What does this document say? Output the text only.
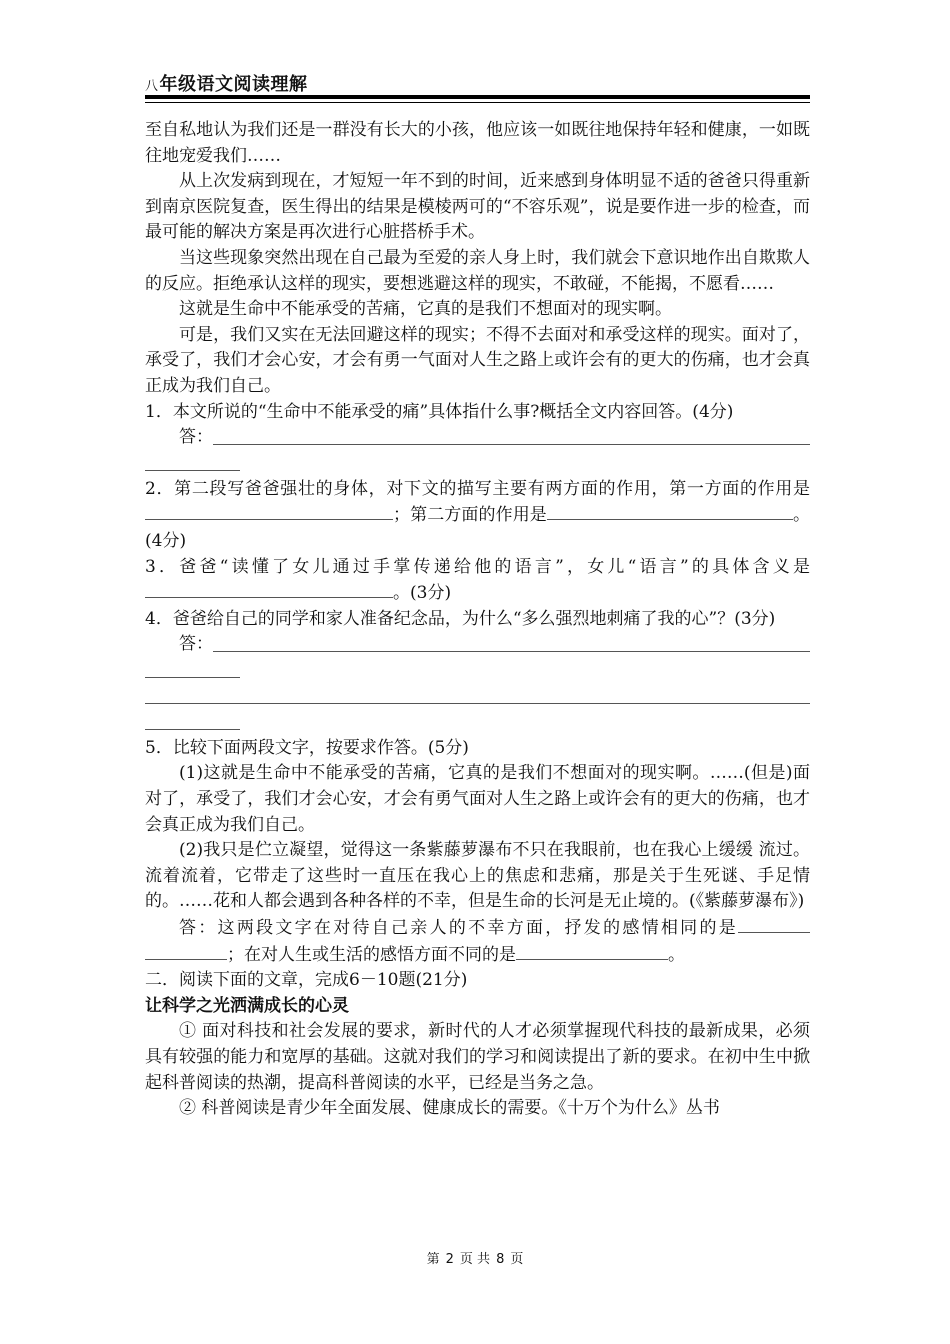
八年级语文阅读理解

至自私地认为我们还是一群没有长大的小孩，他应该一如既往地保持年轻和健康，一如既往地宠爱我们……

从上次发病到现在，才短短一年不到的时间，近来感到身体明显不适的爸爸只得重新到南京医院复查，医生得出的结果是模棱两可的“不容乐观”，说是要作进一步的检查，而最可能的解决方案是再次进行心脏搭桥手术。

当这些现象突然出现在自己最为至爱的亲人身上时，我们就会下意识地作出自欺欺人的反应。拒绝承认这样的现实，要想逃避这样的现实，不敢碰，不能揭，不愿看……

这就是生命中不能承受的苦痛，它真的是我们不想面对的现实啊。

可是，我们又实在无法回避这样的现实；不得不去面对和承受这样的现实。面对了，承受了，我们才会心安，才会有勇一气面对人生之路上或许会有的更大的伤痛，也才会真正成为我们自己。

1．本文所说的“生命中不能承受的痛”具体指什么事?概括全文内容回答。(4分)

答：

2．第二段写爸爸强壮的身体，对下文的描写主要有两方面的作用，第一方面的作用是；第二方面的作用是	。(4分)

3．爸爸“读懂了女儿通过手掌传递给他的语言”，女儿“语言”的具体含义是。(3分)

4．爸爸给自己的同学和家人准备纪念品，为什么“多么强烈地刺痛了我的心”？(3分)

答：

5．比较下面两段文字，按要求作答。(5分)

(1)这就是生命中不能承受的苦痛，它真的是我们不想面对的现实啊。……(但是)面对了，承受了，我们才会心安，才会有勇气面对人生之路上或许会有的更大的伤痛，也才会真正成为我们自己。

(2)我只是伫立凝望，觉得这一条紫藤萝瀑布不只在我眼前，也在我心上缓缓 流过。流着流着，它带走了这些时一直压在我心上的焦虑和悲痛，那是关于生死谜、手足情的。……花和人都会遇到各种各样的不幸，但是生命的长河是无止境的。(《紫藤萝瀑布》)

答：这两段文字在对待自己亲人的不幸方面，抒发的感情相同的是；在对人生或生活的感悟方面不同的是	。

二．阅读下面的文章，完成6－10题(21分)

让科学之光洒满成长的心灵

① 面对科技和社会发展的要求，新时代的人才必须掌握现代科技的最新成果，必须具有较强的能力和宽厚的基础。这就对我们的学习和阅读提出了新的要求。在初中生中掀起科普阅读的热潮，提高科普阅读的水平，已经是当务之急。

② 科普阅读是青少年全面发展、健康成长的需要。《十万个为什么》丛书

第 2 页 共 8 页
